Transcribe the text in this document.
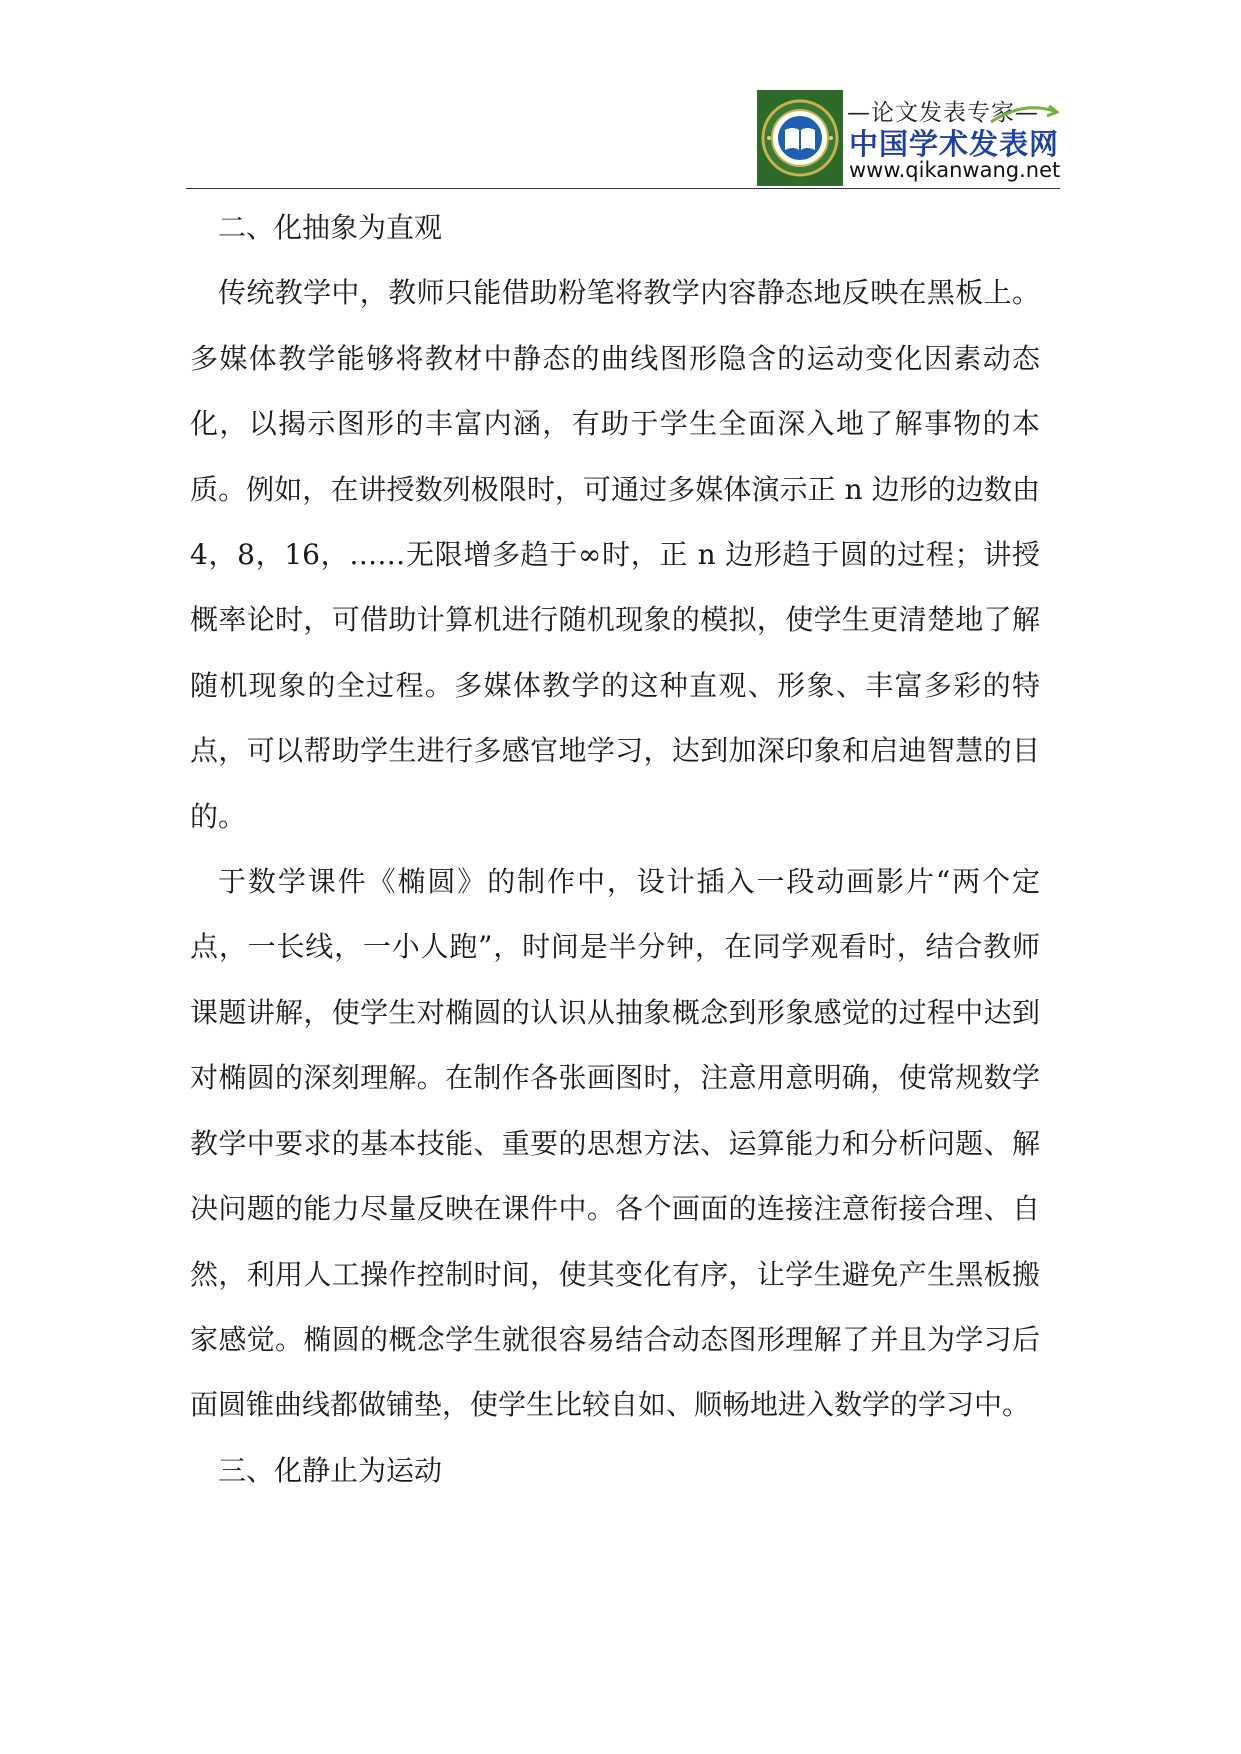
—论文发表专家—
中国学术发表网
www.qikanwang.net
二、化抽象为直观

传统教学中，教师只能借助粉笔将教学内容静态地反映在黑板上。多媒体教学能够将教材中静态的曲线图形隐含的运动变化因素动态化，以揭示图形的丰富内涵，有助于学生全面深入地了解事物的本质。例如，在讲授数列极限时，可通过多媒体演示正 n 边形的边数由 4，8，16，……无限增多趋于∞时，正 n 边形趋于圆的过程；讲授概率论时，可借助计算机进行随机现象的模拟，使学生更清楚地了解随机现象的全过程。多媒体教学的这种直观、形象、丰富多彩的特点，可以帮助学生进行多感官地学习，达到加深印象和启迪智慧的目的。

于数学课件《椭圆》的制作中，设计插入一段动画影片“两个定点，一长线，一小人跑”，时间是半分钟，在同学观看时，结合教师课题讲解，使学生对椭圆的认识从抽象概念到形象感觉的过程中达到对椭圆的深刻理解。在制作各张画图时，注意用意明确，使常规数学教学中要求的基本技能、重要的思想方法、运算能力和分析问题、解决问题的能力尽量反映在课件中。各个画面的连接注意衔接合理、自然，利用人工操作控制时间，使其变化有序，让学生避免产生黑板搬家感觉。椭圆的概念学生就很容易结合动态图形理解了并且为学习后面圆锥曲线都做铺垫，使学生比较自如、顺畅地进入数学的学习中。

三、化静止为运动
